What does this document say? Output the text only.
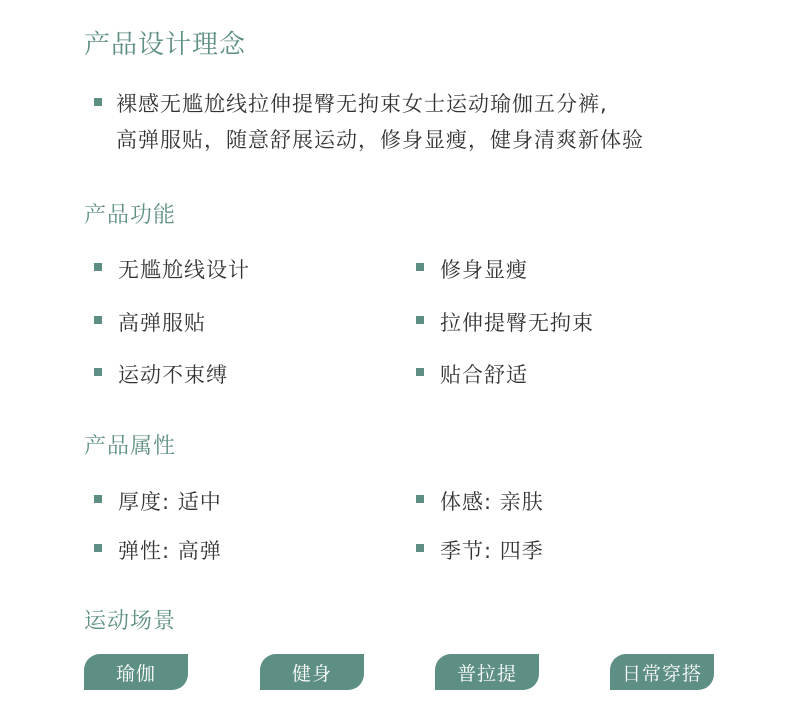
产品设计理念
裸感无尴尬线拉伸提臀无拘束女士运动瑜伽五分裤,
高弹服贴，随意舒展运动，修身显瘦，健身清爽新体验
产品功能
无尴尬线设计	修身显瘦
高弹服贴	拉伸提臀无拘束
运动不束缚	贴合舒适
产品属性
厚度: 适中	体感: 亲肤
弹性: 高弹	季节: 四季
运动场景
瑜伽	健身	普拉提	日常穿搭
